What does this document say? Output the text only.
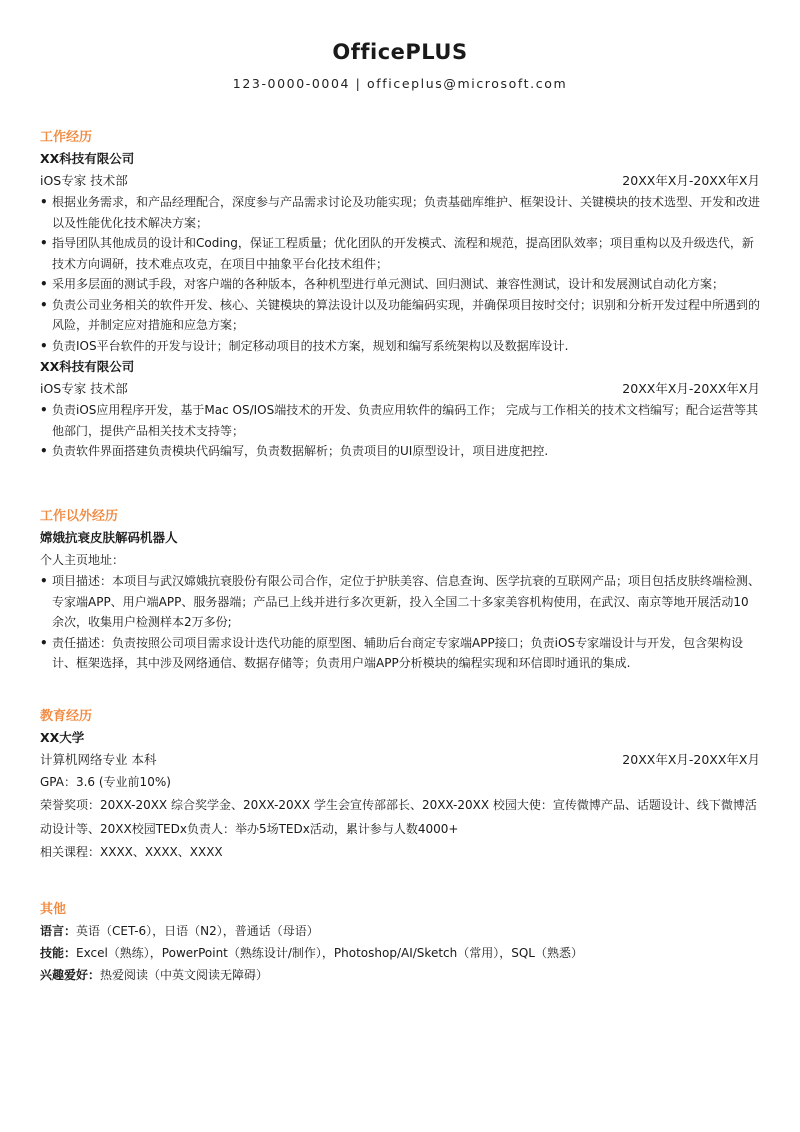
OfficePLUS
123-0000-0004 | officeplus@microsoft.com
工作经历
XX科技有限公司
iOS专家 技术部	20XX年X月-20XX年X月
• 根据业务需求，和产品经理配合，深度参与产品需求讨论及功能实现；负责基础库维护、框架设计、关键模块的技术选型、开发和改进以及性能优化技术解决方案；
• 指导团队其他成员的设计和Coding，保证工程质量；优化团队的开发模式、流程和规范，提高团队效率；项目重构以及升级迭代，新技术方向调研，技术难点攻克，在项目中抽象平台化技术组件；
• 采用多层面的测试手段，对客户端的各种版本，各种机型进行单元测试、回归测试、兼容性测试，设计和发展测试自动化方案；
• 负责公司业务相关的软件开发、核心、关键模块的算法设计以及功能编码实现，并确保项目按时交付；识别和分析开发过程中所遇到的风险，并制定应对措施和应急方案；
• 负责IOS平台软件的开发与设计；制定移动项目的技术方案，规划和编写系统架构以及数据库设计.
XX科技有限公司
iOS专家 技术部	20XX年X月-20XX年X月
• 负责iOS应用程序开发，基于Mac OS/IOS端技术的开发、负责应用软件的编码工作； 完成与工作相关的技术文档编写；配合运营等其他部门，提供产品相关技术支持等；
• 负责软件界面搭建负责模块代码编写，负责数据解析；负责项目的UI原型设计，项目进度把控.
工作以外经历
嫦娥抗衰皮肤解码机器人
个人主页地址：
• 项目描述：本项目与武汉嫦娥抗衰股份有限公司合作，定位于护肤美容、信息查询、医学抗衰的互联网产品；项目包括皮肤终端检测、专家端APP、用户端APP、服务器端；产品已上线并进行多次更新，投入全国二十多家美容机构使用，在武汉、南京等地开展活动10余次，收集用户检测样本2万多份;
• 责任描述：负责按照公司项目需求设计迭代功能的原型图、辅助后台商定专家端APP接口；负责iOS专家端设计与开发，包含架构设计、框架选择，其中涉及网络通信、数据存储等；负责用户端APP分析模块的编程实现和环信即时通讯的集成.
教育经历
XX大学
计算机网络专业 本科	20XX年X月-20XX年X月
GPA：3.6 (专业前10%)
荣誉奖项：20XX-20XX 综合奖学金、20XX-20XX 学生会宣传部部长、20XX-20XX 校园大使：宣传微博产品、话题设计、线下微博活动设计等、20XX校园TEDx负责人：举办5场TEDx活动，累计参与人数4000+
相关课程：XXXX、XXXX、XXXX
其他
语言：英语（CET-6），日语（N2），普通话（母语）
技能：Excel（熟练），PowerPoint（熟练设计/制作），Photoshop/AI/Sketch（常用），SQL（熟悉）
兴趣爱好：热爱阅读（中英文阅读无障碍）
